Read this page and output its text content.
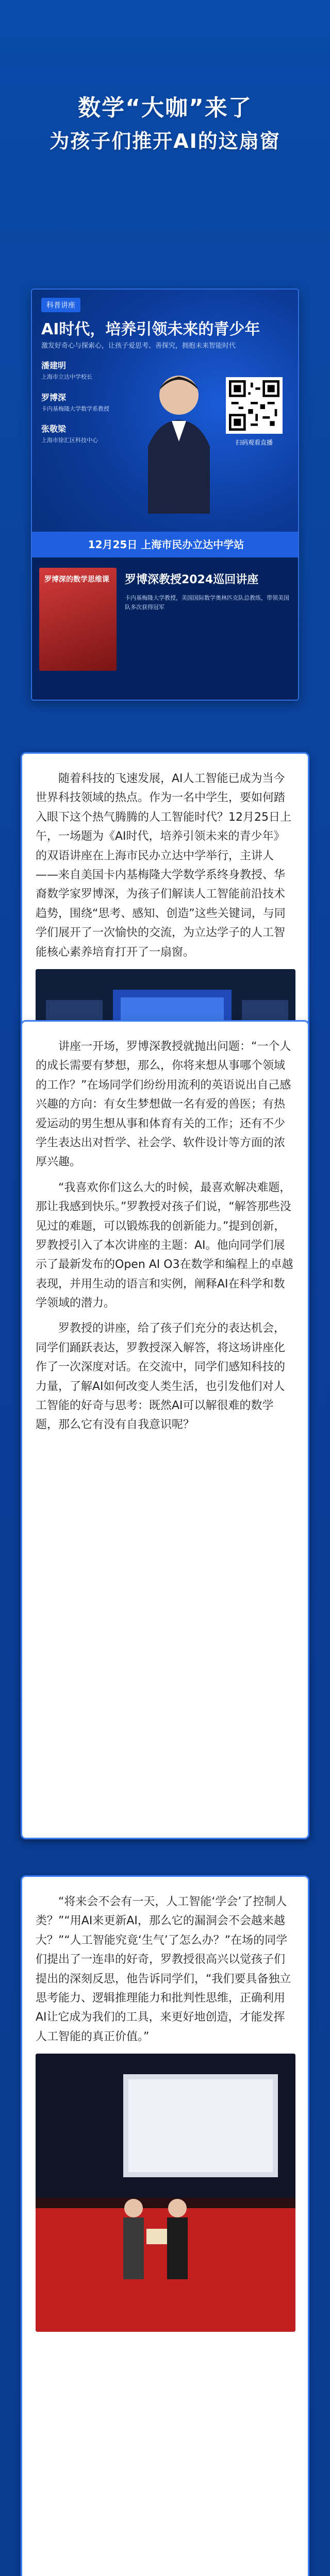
数学“大咖”来了
为孩子们推开AI的这扇窗
科普讲座
AI时代，培养引领未来的青少年
激发好奇心与探索心，让孩子爱思考、善探究，拥抱未来智能时代
潘建明
上海市立达中学校长
罗博深
卡内基梅隆大学数学系教授
张敬梁
上海市徐汇区科技中心	扫码观看直播
12月25日 上海市民办立达中学站
罗博深的数学思维课	罗博深教授2024巡回讲座
卡内基梅隆大学教授，美国国际数学奥林匹克队总教练，带领美国队多次获得冠军

随着科技的飞速发展，AI人工智能已成为当今世界科技领域的热点。作为一名中学生，要如何踏入眼下这个热气腾腾的人工智能时代？12月25日上午，一场题为《AI时代，培养引领未来的青少年》的双语讲座在上海市民办立达中学举行，主讲人——来自美国卡内基梅隆大学数学系终身教授、华裔数学家罗博深，为孩子们解读人工智能前沿技术趋势，围绕“思考、感知、创造”这些关键词，与同学们展开了一次愉快的交流，为立达学子的人工智能核心素养培育打开了一扇窗。

讲座一开场，罗博深教授就抛出问题：“一个人的成长需要有梦想，那么，你将来想从事哪个领域的工作？”在场同学们纷纷用流利的英语说出自己感兴趣的方向：有女生梦想做一名有爱的兽医；有热爱运动的男生想从事和体育有关的工作；还有不少学生表达出对哲学、社会学、软件设计等方面的浓厚兴趣。

“我喜欢你们这么大的时候，最喜欢解决难题，那让我感到快乐。”罗教授对孩子们说，“解答那些没见过的难题，可以锻炼我的创新能力。”提到创新，罗教授引入了本次讲座的主题：AI。他向同学们展示了最新发布的Open AI O3在数学和编程上的卓越表现，并用生动的语言和实例，阐释AI在科学和数学领域的潜力。

罗教授的讲座，给了孩子们充分的表达机会，同学们踊跃表达，罗教授深入解答，将这场讲座化作了一次深度对话。在交流中，同学们感知科技的力量，了解AI如何改变人类生活，也引发他们对人工智能的好奇与思考：既然AI可以解很难的数学题，那么它有没有自我意识呢？

“将来会不会有一天，人工智能‘学会’了控制人类？”“用AI来更新AI，那么它的漏洞会不会越来越大？”“人工智能究竟‘生气’了怎么办？”在场的同学们提出了一连串的好奇，罗教授很高兴以觉孩子们提出的深刻反思，他告诉同学们，“我们要具备独立思考能力、逻辑推理能力和批判性思维，正确利用AI让它成为我们的工具，来更好地创造，才能发挥人工智能的真正价值。”
